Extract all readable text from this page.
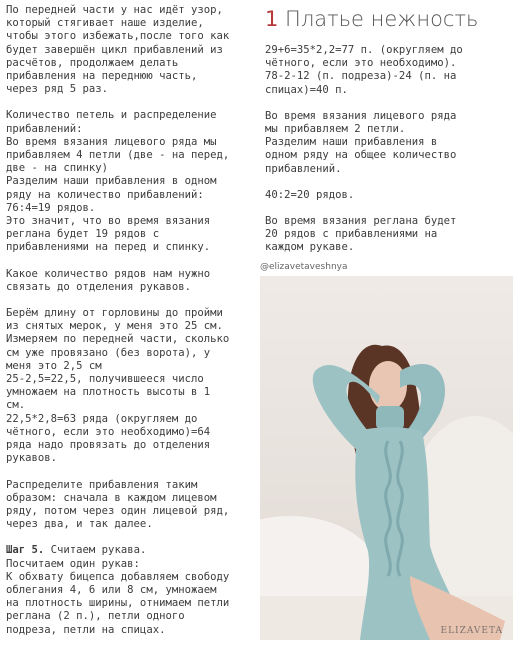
По передней части у нас идёт узор,
который стягивает наше изделие,
чтобы этого избежать,после того как
будет завершён цикл прибавлений из
расчётов, продолжаем делать
прибавления на переднюю часть,
через ряд 5 раз.

Количество петель и распределение
прибавлений:
Во время вязания лицевого ряда мы
прибавляем 4 петли (две - на перед,
две - на спинку)
Разделим наши прибавления в одном
ряду на количество прибавлений:
76:4=19 рядов.
Это значит, что во время вязания
реглана будет 19 рядов с
прибавлениями на перед и спинку.

Какое количество рядов нам нужно
связать до отделения рукавов.

Берём длину от горловины до пройми
из снятых мерок, у меня это 25 см.
Измеряем по передней части, сколько
см уже провязано (без ворота), у
меня это 2,5 см
25-2,5=22,5, получившееся число
умножаем на плотность высоты в 1
см.
22,5*2,8=63 ряда (округляем до
чётного, если это необходимо)=64
ряда надо провязать до отделения
рукавов.

Распределите прибавления таким
образом: сначала в каждом лицевом
ряду, потом через один лицевой ряд,
через два, и так далее.

Шаг 5. Считаем рукава.

Посчитаем один рукав:
К обхвату бицепса добавляем свободу
облегания 4, 6 или 8 см, умножаем
на плотность ширины, отнимаем петли
реглана (2 п.), петли одного
подреза, петли на спицах.

1 Платье нежность

29+6=35*2,2=77 п. (округляем до
чётного, если это необходимо).
78-2-12 (п. подреза)-24 (п. на
спицах)=40 п.

Во время вязания лицевого ряда
мы прибавляем 2 петли.
Разделим наши прибавления в
одном ряду на общее количество
прибавлений.

40:2=20 рядов.

Во время вязания реглана будет
20 рядов с прибавлениями на
каждом рукаве.

@elizavetaveshnya
ELIZAVETA
